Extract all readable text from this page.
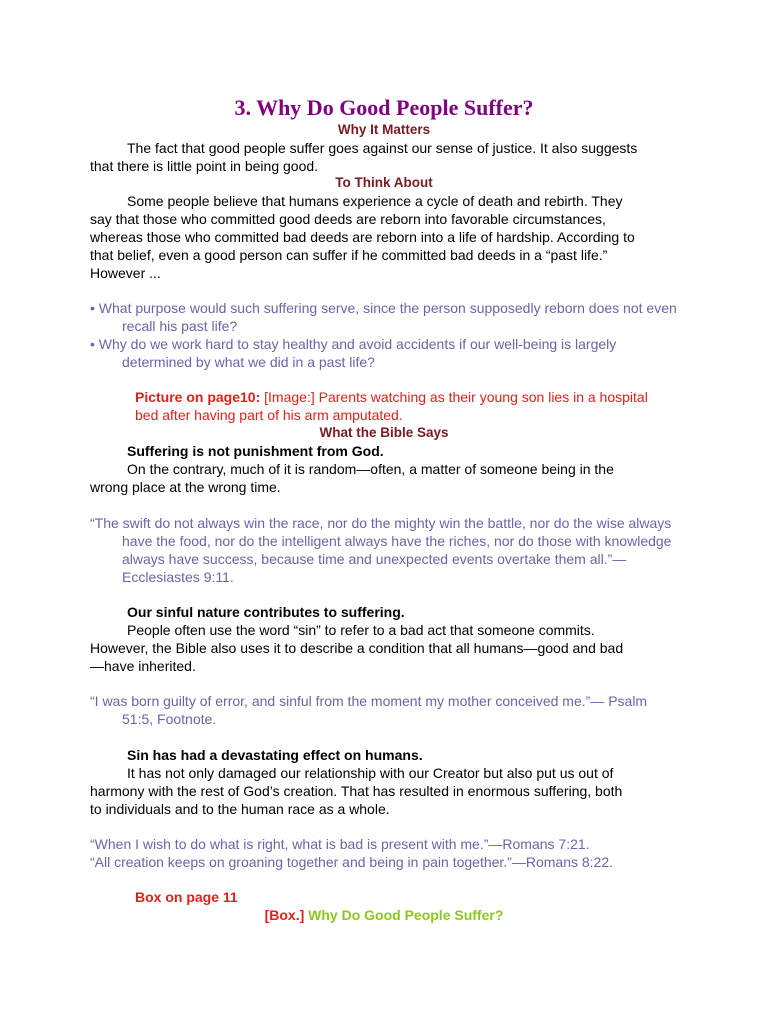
3. Why Do Good People Suffer?
Why It Matters
The fact that good people suffer goes against our sense of justice. It also suggests
that there is little point in being good.
To Think About
Some people believe that humans experience a cycle of death and rebirth. They
say that those who committed good deeds are reborn into favorable circumstances,
whereas those who committed bad deeds are reborn into a life of hardship. According to
that belief, even a good person can suffer if he committed bad deeds in a “past life.”
However ...
• What purpose would such suffering serve, since the person supposedly reborn does not even recall his past life?
• Why do we work hard to stay healthy and avoid accidents if our well-being is largely determined by what we did in a past life?
Picture on page10: [Image:] Parents watching as their young son lies in a hospital bed after having part of his arm amputated.
What the Bible Says
Suffering is not punishment from God.
On the contrary, much of it is random—often, a matter of someone being in the
wrong place at the wrong time.
“The swift do not always win the race, nor do the mighty win the battle, nor do the wise always have the food, nor do the intelligent always have the riches, nor do those with knowledge always have success, because time and unexpected events overtake them all.”—Ecclesiastes 9:11.
Our sinful nature contributes to suffering.
People often use the word “sin” to refer to a bad act that someone commits.
However, the Bible also uses it to describe a condition that all humans—good and bad
—have inherited.
“I was born guilty of error, and sinful from the moment my mother conceived me.”— Psalm 51:5, Footnote.
Sin has had a devastating effect on humans.
It has not only damaged our relationship with our Creator but also put us out of
harmony with the rest of God’s creation. That has resulted in enormous suffering, both
to individuals and to the human race as a whole.
“When I wish to do what is right, what is bad is present with me.”—Romans 7:21.
“All creation keeps on groaning together and being in pain together.”—Romans 8:22.
Box on page 11
[Box.] Why Do Good People Suffer?
